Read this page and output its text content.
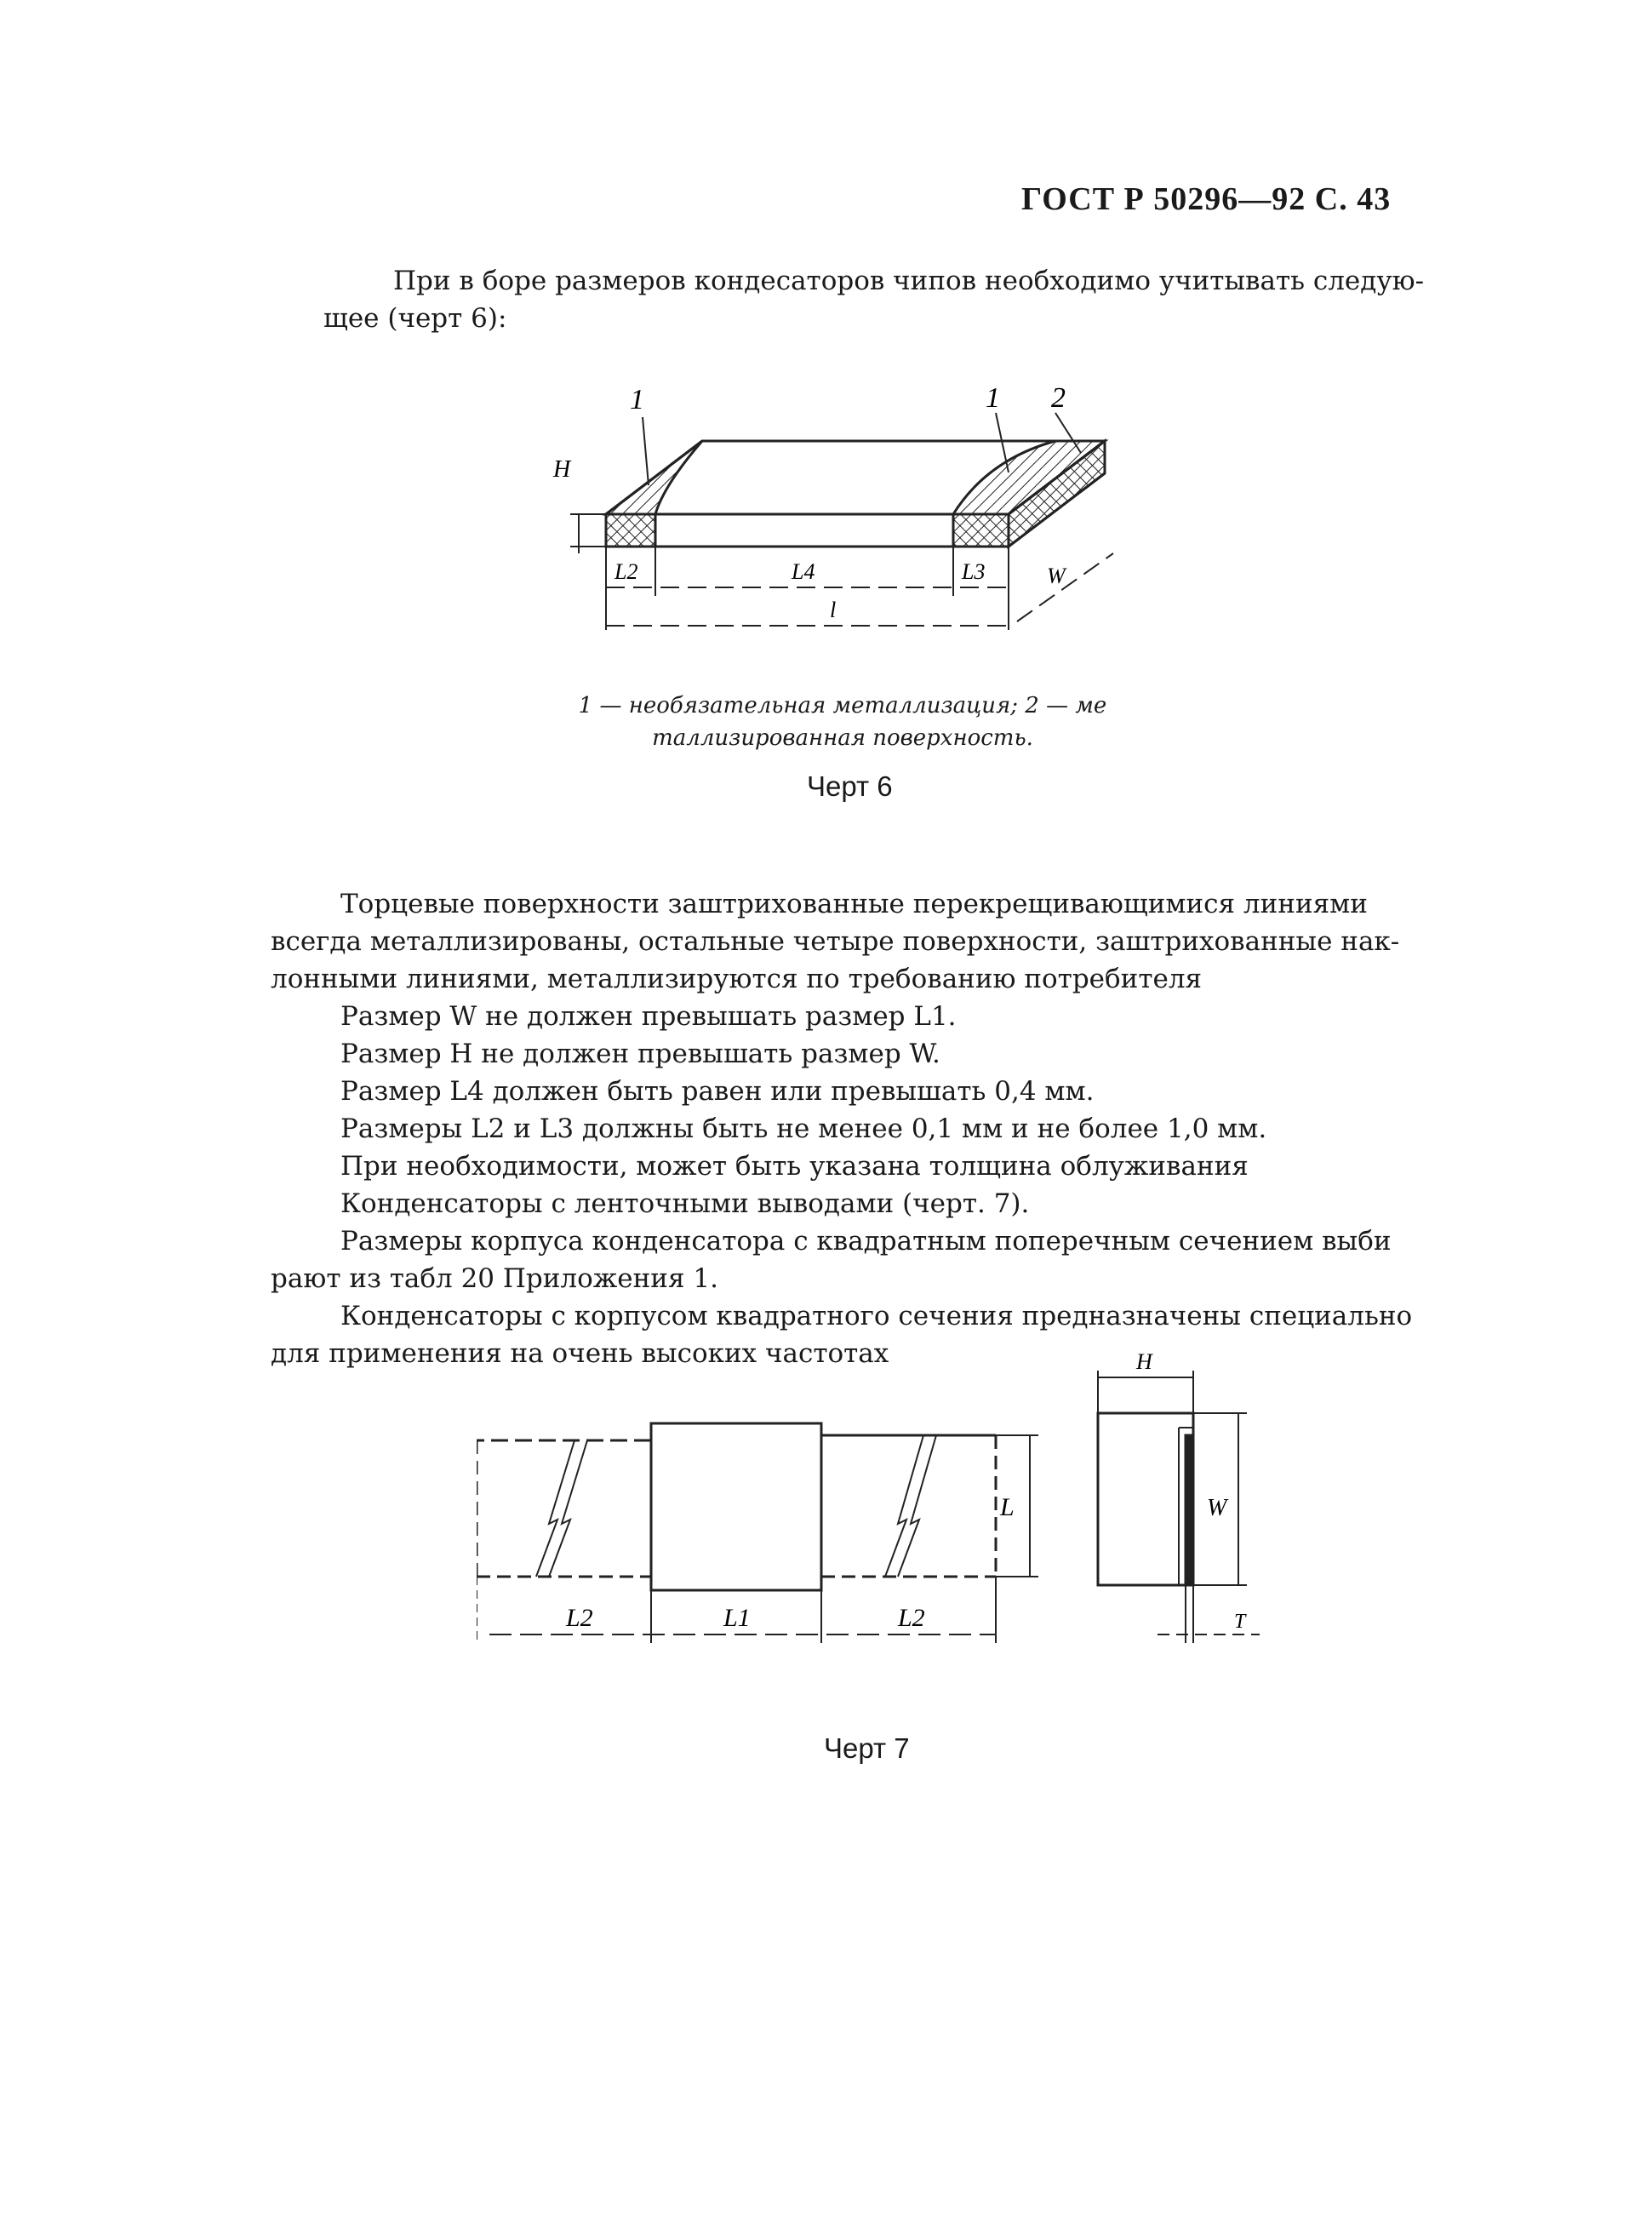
ГОСТ Р 50296—92 С. 43
При в боре размеров кондесаторов чипов необходимо учитывать следую-
щее (черт 6):
1	1 2
H
L2	L4	L3	W
l
1 — необязательная металлизация; 2 — ме
таллизированная поверхность.
Черт 6
Торцевые поверхности заштрихованные перекрещивающимися линиями
всегда металлизированы, остальные четыре поверхности, заштрихованные нак-
лонными линиями, металлизируются по требованию потребителя
Размер W не должен превышать размер L1.
Размер H не должен превышать размер W.
Размер L4 должен быть равен или превышать 0,4 мм.
Размеры L2 и L3 должны быть не менее 0,1 мм и не более 1,0 мм.
При необходимости, может быть указана толщина облуживания
Конденсаторы с ленточными выводами (черт. 7).
Размеры корпуса конденсатора с квадратным поперечным сечением выби
рают из табл 20 Приложения 1.
Конденсаторы с корпусом квадратного сечения предназначены специально
для применения на очень высоких частотах
L2	L1	L2
L
H
W
T
Черт 7
